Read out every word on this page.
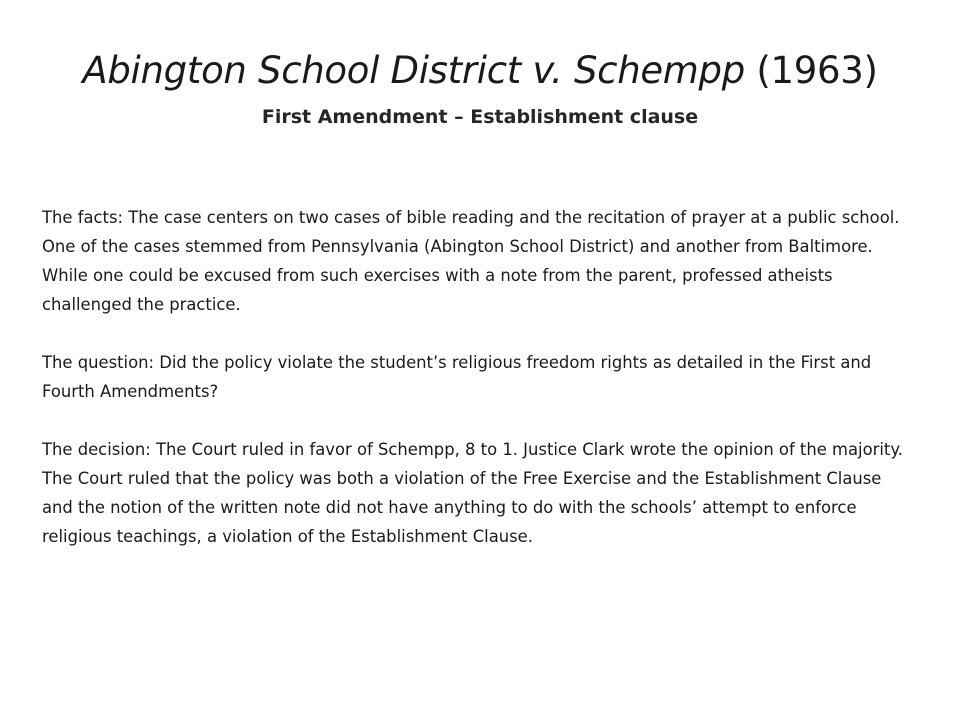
Abington School District v. Schempp (1963)
First Amendment – Establishment clause

The facts: The case centers on two cases of bible reading and the recitation of prayer at a public school. One of the cases stemmed from Pennsylvania (Abington School District) and another from Baltimore. While one could be excused from such exercises with a note from the parent, professed atheists challenged the practice.

The question: Did the policy violate the student’s religious freedom rights as detailed in the First and Fourth Amendments?

The decision: The Court ruled in favor of Schempp, 8 to 1. Justice Clark wrote the opinion of the majority. The Court ruled that the policy was both a violation of the Free Exercise and the Establishment Clause and the notion of the written note did not have anything to do with the schools’ attempt to enforce religious teachings, a violation of the Establishment Clause.
